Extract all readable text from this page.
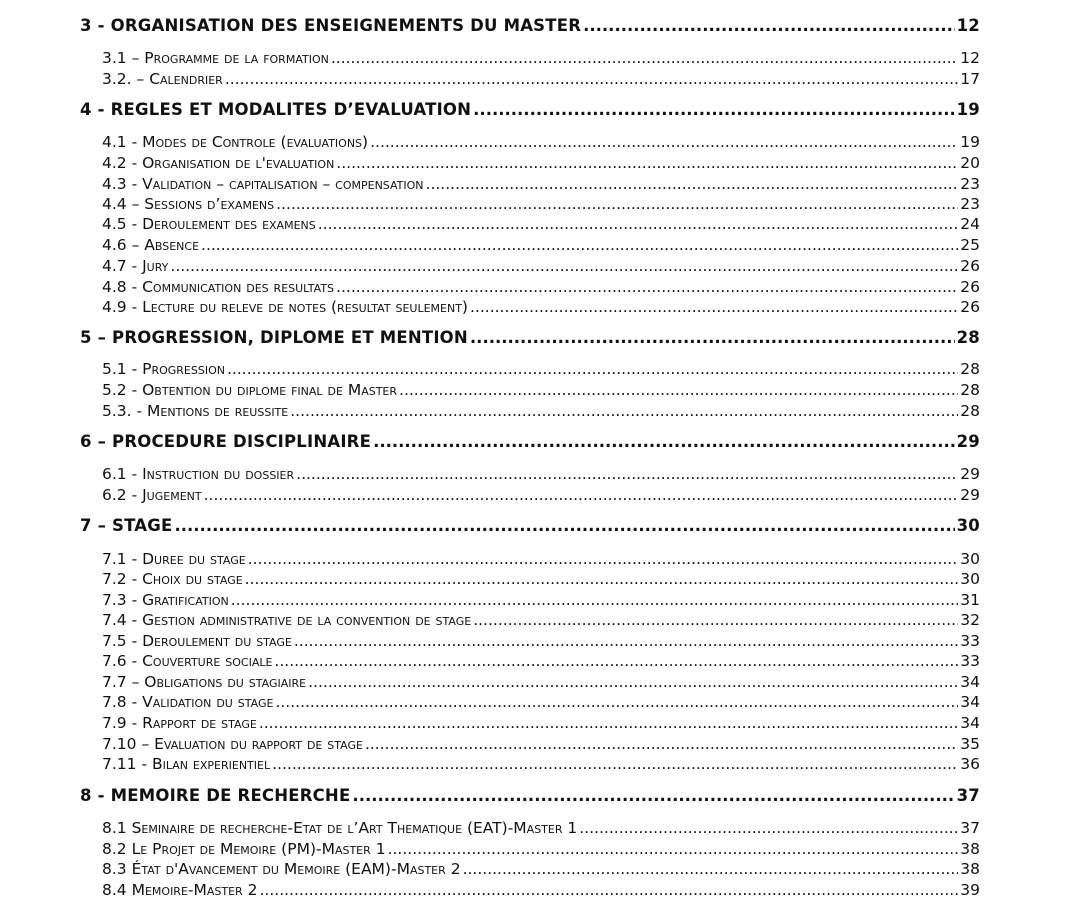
3 - ORGANISATION DES ENSEIGNEMENTS DU MASTER .....	12
3.1 – Programme de la formation .....	12
3.2. – Calendrier .....	17
4 - REGLES ET MODALITES D’EVALUATION .....	19
4.1 - Modes de Controle (evaluations) .....	19
4.2 - Organisation de l'evaluation .....	20
4.3 - Validation – capitalisation – compensation .....	23
4.4 – Sessions d’examens .....	23
4.5 - Deroulement des examens .....	24
4.6 – Absence .....	25
4.7 - Jury .....	26
4.8 - Communication des resultats .....	26
4.9 - Lecture du releve de notes (resultat seulement) .....	26
5 – PROGRESSION, DIPLOME ET MENTION .....	28
5.1 - Progression .....	28
5.2 - Obtention du diplome final de Master .....	28
5.3. - Mentions de reussite .....	28
6 – PROCEDURE DISCIPLINAIRE .....	29
6.1 - Instruction du dossier .....	29
6.2 - Jugement .....	29
7 – STAGE .....	30
7.1 - Duree du stage .....	30
7.2 - Choix du stage .....	30
7.3 - Gratification .....	31
7.4 - Gestion administrative de la convention de stage .....	32
7.5 - Deroulement du stage .....	33
7.6 - Couverture sociale .....	33
7.7 – Obligations du stagiaire .....	34
7.8 - Validation du stage .....	34
7.9 - Rapport de stage .....	34
7.10 – Evaluation du rapport de stage .....	35
7.11 - Bilan experientiel .....	36
8 - MEMOIRE DE RECHERCHE .....	37
8.1 Seminaire de recherche-Etat de l’Art Thematique (EAT)-Master 1 .....	37
8.2 Le Projet de Memoire (PM)-Master 1 .....	38
8.3 État d'Avancement du Memoire (EAM)-Master 2 .....	38
8.4 Memoire-Master 2 .....	39
